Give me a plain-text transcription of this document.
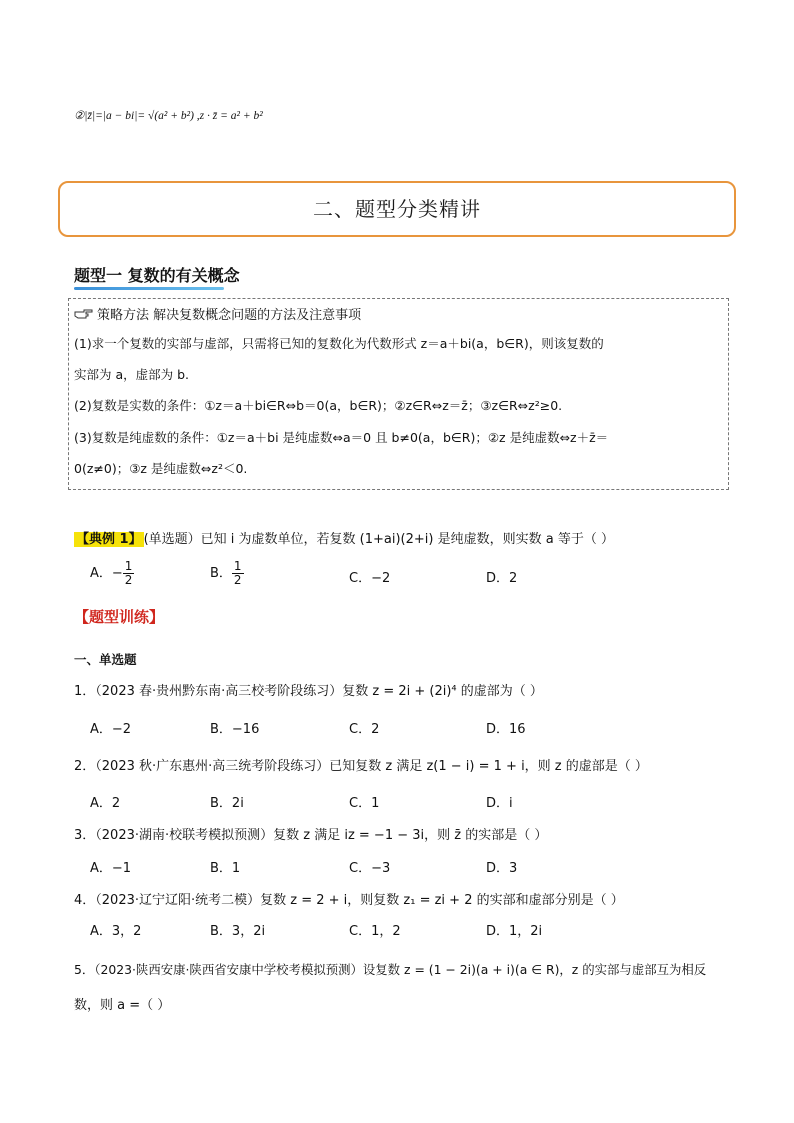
②|z̄|=|a − bi|= √(a² + b²) ,z · z̄ = a² + b²
二、题型分类精讲
题型一 复数的有关概念
策略方法 解决复数概念问题的方法及注意事项
(1)求一个复数的实部与虚部，只需将已知的复数化为代数形式 z＝a＋bi(a，b∈R)，则该复数的
实部为 a，虚部为 b.
(2)复数是实数的条件：①z＝a＋bi∈R⇔b＝0(a，b∈R)；②z∈R⇔z＝z̄；③z∈R⇔z²≥0.
(3)复数是纯虚数的条件：①z＝a＋bi 是纯虚数⇔a＝0 且 b≠0(a，b∈R)；②z 是纯虚数⇔z＋z̄＝
0(z≠0)；③z 是纯虚数⇔z²＜0.
【典例 1】 (单选题）已知 i 为虚数单位，若复数 (1+ai)(2+i) 是纯虚数，则实数 a 等于（ ）
A．− $\frac{1}{2}$	B． $\frac{1}{2}$	C．−2	D．2
【题型训练】
一、单选题
1．（2023 春·贵州黔东南·高三校考阶段练习）复数 z = 2i + (2i)⁴ 的虚部为（ ）
A．−2	B．−16	C．2	D．16
2．（2023 秋·广东惠州·高三统考阶段练习）已知复数 z 满足 z(1 − i) = 1 + i，则 z 的虚部是（ ）
A．2	B．2i	C．1	D．i
3．（2023·湖南·校联考模拟预测）复数 z 满足 iz = −1 − 3i，则 z̄ 的实部是（ ）
A．−1	B．1	C．−3	D．3
4．（2023·辽宁辽阳·统考二模）复数 z = 2 + i，则复数 z₁ = zi + 2 的实部和虚部分别是（ ）
A．3，2	B．3，2i	C．1，2	D．1，2i
5．（2023·陕西安康·陕西省安康中学校考模拟预测）设复数 z = (1 − 2i)(a + i)(a ∈ R)，z 的实部与虚部互为相反
数，则 a =（ ）
